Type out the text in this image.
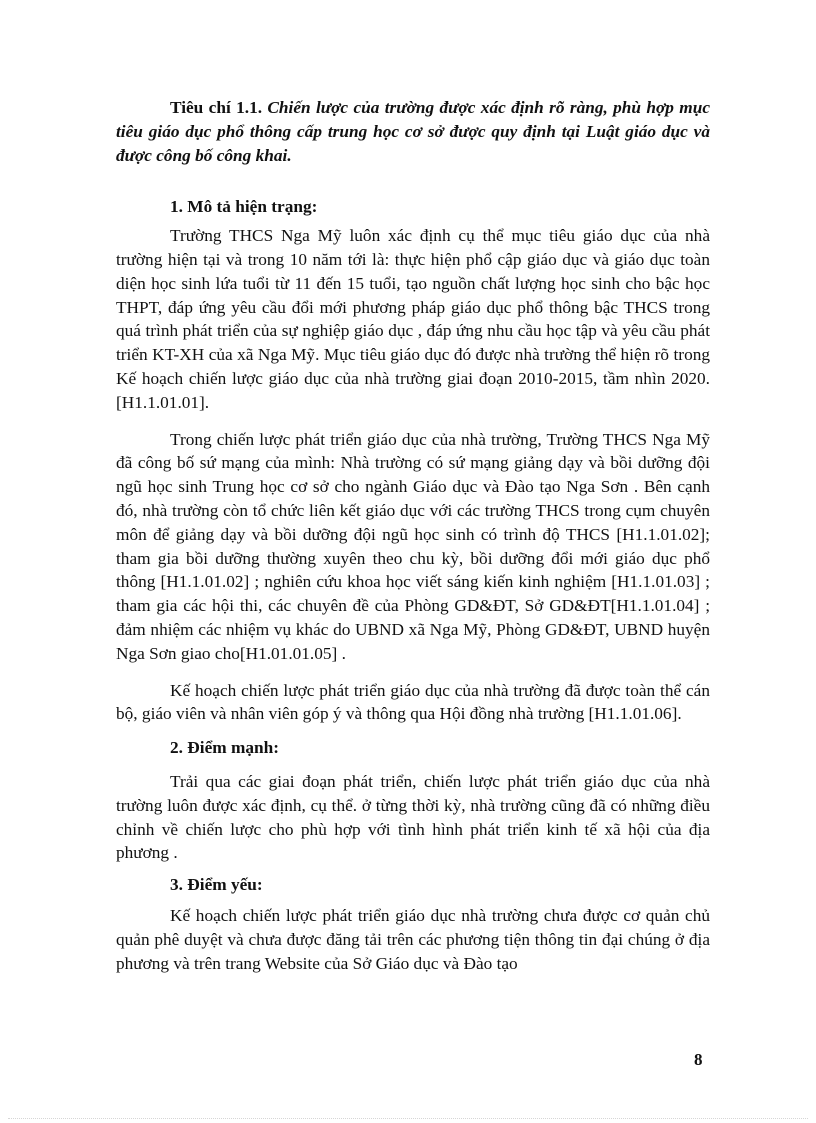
Tiêu chí 1.1. Chiến lược của trường được xác định rõ ràng, phù hợp mục tiêu giáo dục phổ thông cấp trung học cơ sở được quy định tại Luật giáo dục và được công bố công khai.

1. Mô tả hiện trạng:

Trường THCS Nga Mỹ luôn xác định cụ thể mục tiêu giáo dục của nhà trường hiện tại và trong 10 năm tới là: thực hiện phổ cập giáo dục và giáo dục toàn diện học sinh lứa tuổi từ 11 đến 15 tuổi, tạo nguồn chất lượng học sinh cho bậc học THPT, đáp ứng yêu cầu đổi mới phương pháp giáo dục phổ thông bậc THCS trong quá trình phát triển của sự nghiệp giáo dục , đáp ứng nhu cầu học tập và yêu cầu phát triển KT-XH của xã Nga Mỹ. Mục tiêu giáo dục đó được nhà trường thể hiện rõ trong Kế hoạch chiến lược giáo dục của nhà trường giai đoạn 2010-2015, tầm nhìn 2020. [H1.1.01.01].

Trong chiến lược phát triển giáo dục của nhà trường, Trường THCS Nga Mỹ đã công bố sứ mạng của mình: Nhà trường có sứ mạng giảng dạy và bồi dưỡng đội ngũ học sinh Trung học cơ sở cho ngành Giáo dục và Đào tạo Nga Sơn . Bên cạnh đó, nhà trường còn tổ chức liên kết giáo dục với các trường THCS trong cụm chuyên môn để giảng dạy và bồi dưỡng đội ngũ học sinh có trình độ THCS [H1.1.01.02]; tham gia bồi dưỡng thường xuyên theo chu kỳ, bồi dưỡng đổi mới giáo dục phổ thông [H1.1.01.02] ; nghiên cứu khoa học viết sáng kiến kinh nghiệm [H1.1.01.03] ; tham gia các hội thi, các chuyên đề của Phòng GD&ĐT, Sở GD&ĐT[H1.1.01.04] ; đảm nhiệm các nhiệm vụ khác do UBND xã Nga Mỹ, Phòng GD&ĐT, UBND huyện Nga Sơn giao cho[H1.01.01.05] .

Kế hoạch chiến lược phát triển giáo dục của nhà trường đã được toàn thể cán bộ, giáo viên và nhân viên góp ý và thông qua Hội đồng nhà trường [H1.1.01.06].

2. Điểm mạnh:

Trải qua các giai đoạn phát triển, chiến lược phát triển giáo dục của nhà trường luôn được xác định, cụ thể. ở từng thời kỳ, nhà trường cũng đã có những điều chỉnh về chiến lược cho phù hợp với tình hình phát triển kinh tế xã hội của địa phương .

3. Điểm yếu:

Kế hoạch chiến lược phát triển giáo dục nhà trường chưa được cơ quản chủ quản phê duyệt và chưa được đăng tải trên các phương tiện thông tin đại chúng ở địa phương và trên trang Website của Sở Giáo dục và Đào tạo

8
